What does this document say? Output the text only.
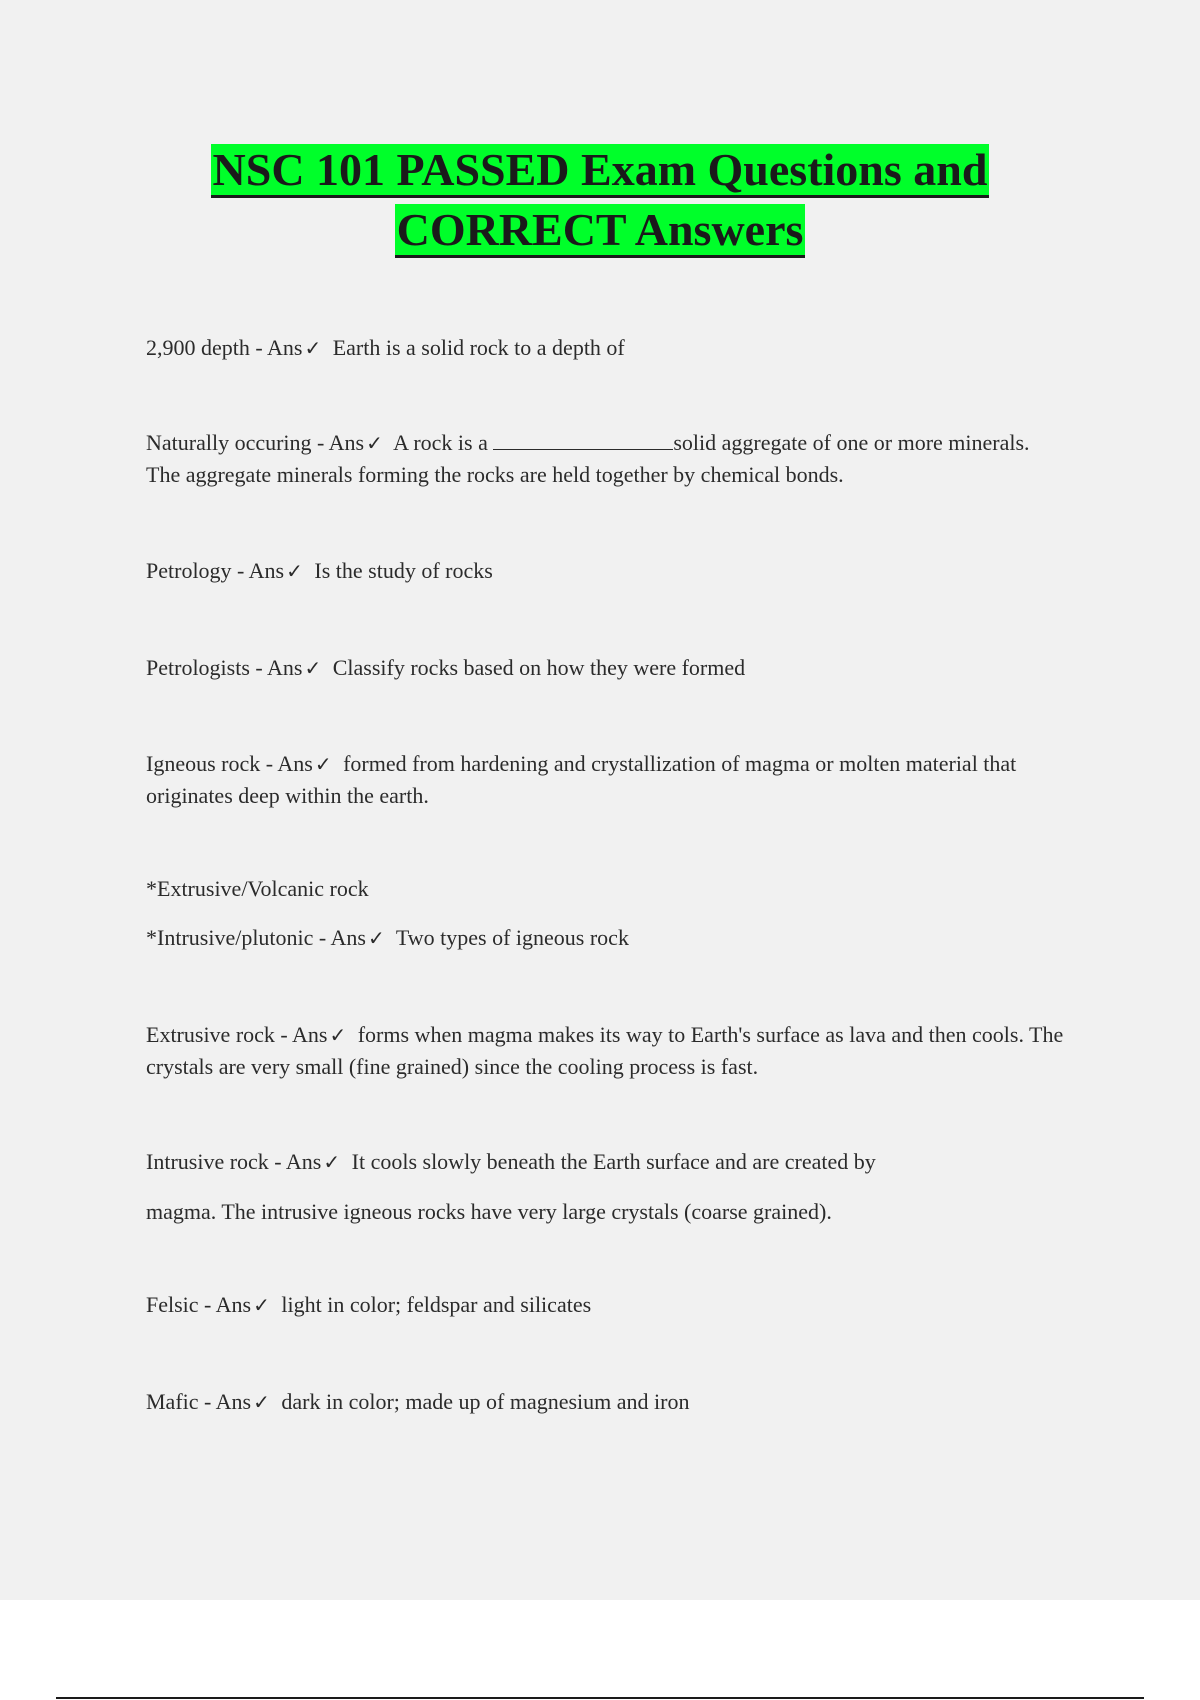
NSC 101 PASSED Exam Questions and
CORRECT Answers

2,900 depth - Ans ✓ Earth is a solid rock to a depth of

Naturally occuring - Ans ✓ A rock is a	solid aggregate of one or more minerals. The aggregate minerals forming the rocks are held together by chemical bonds.

Petrology - Ans ✓ Is the study of rocks

Petrologists - Ans ✓ Classify rocks based on how they were formed

Igneous rock - Ans ✓ formed from hardening and crystallization of magma or molten material that originates deep within the earth.

*Extrusive/Volcanic rock

*Intrusive/plutonic - Ans ✓ Two types of igneous rock

Extrusive rock - Ans ✓ forms when magma makes its way to Earth's surface as lava and then cools. The crystals are very small (fine grained) since the cooling process is fast.

Intrusive rock - Ans ✓ It cools slowly beneath the Earth surface and are created by
magma. The intrusive igneous rocks have very large crystals (coarse grained).

Felsic - Ans ✓ light in color; feldspar and silicates

Mafic - Ans ✓ dark in color; made up of magnesium and iron
